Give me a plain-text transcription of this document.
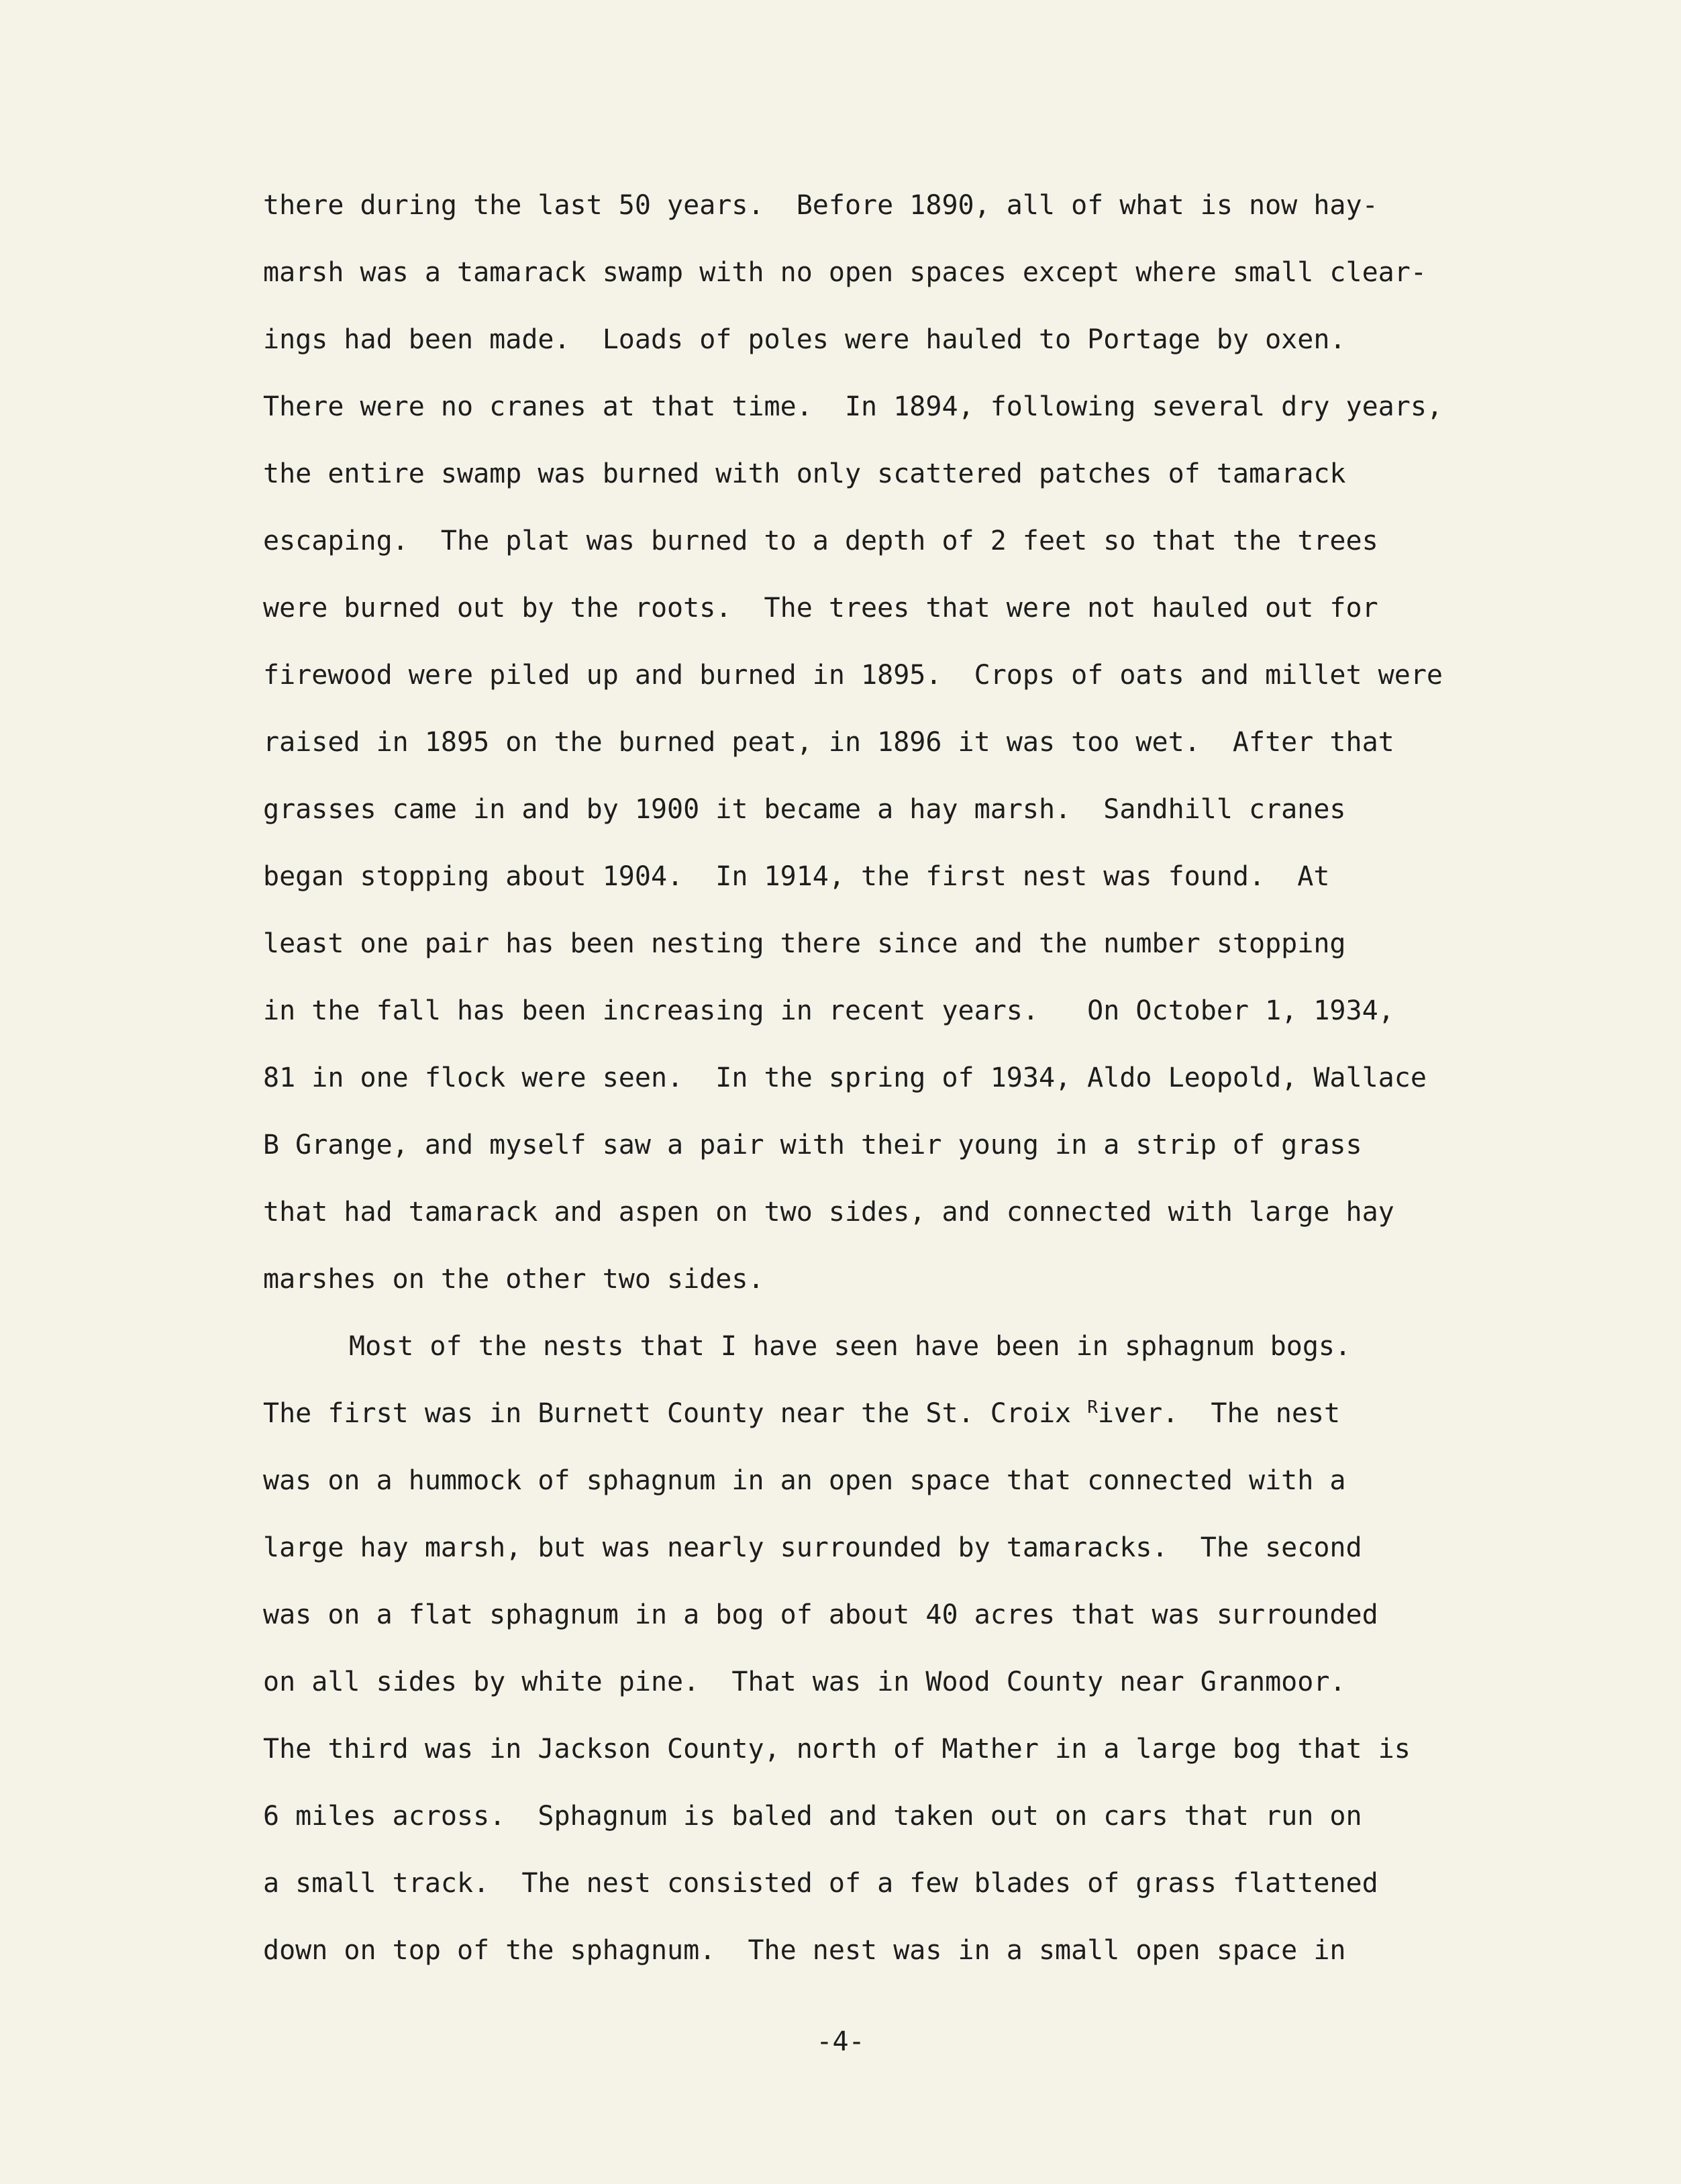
there during the last 50 years.  Before 1890, all of what is now hay-
marsh was a tamarack swamp with no open spaces except where small clear-
ings had been made.  Loads of poles were hauled to Portage by oxen.
There were no cranes at that time.  In 1894, following several dry years,
the entire swamp was burned with only scattered patches of tamarack
escaping.  The plat was burned to a depth of 2 feet so that the trees
were burned out by the roots.  The trees that were not hauled out for
firewood were piled up and burned in 1895.  Crops of oats and millet were
raised in 1895 on the burned peat, in 1896 it was too wet.  After that
grasses came in and by 1900 it became a hay marsh.  Sandhill cranes
began stopping about 1904.  In 1914, the first nest was found.  At
least one pair has been nesting there since and the number stopping
in the fall has been increasing in recent years.   On October 1, 1934,
81 in one flock were seen.  In the spring of 1934, Aldo Leopold, Wallace
B Grange, and myself saw a pair with their young in a strip of grass
that had tamarack and aspen on two sides, and connected with large hay
marshes on the other two sides.
Most of the nests that I have seen have been in sphagnum bogs.
The first was in Burnett County near the St. Croix $^R$iver.  The nest
was on a hummock of sphagnum in an open space that connected with a
large hay marsh, but was nearly surrounded by tamaracks.  The second
was on a flat sphagnum in a bog of about 40 acres that was surrounded
on all sides by white pine.  That was in Wood County near Granmoor.
The third was in Jackson County, north of Mather in a large bog that is
6 miles across.  Sphagnum is baled and taken out on cars that run on
a small track.  The nest consisted of a few blades of grass flattened
down on top of the sphagnum.  The nest was in a small open space in
-4-
